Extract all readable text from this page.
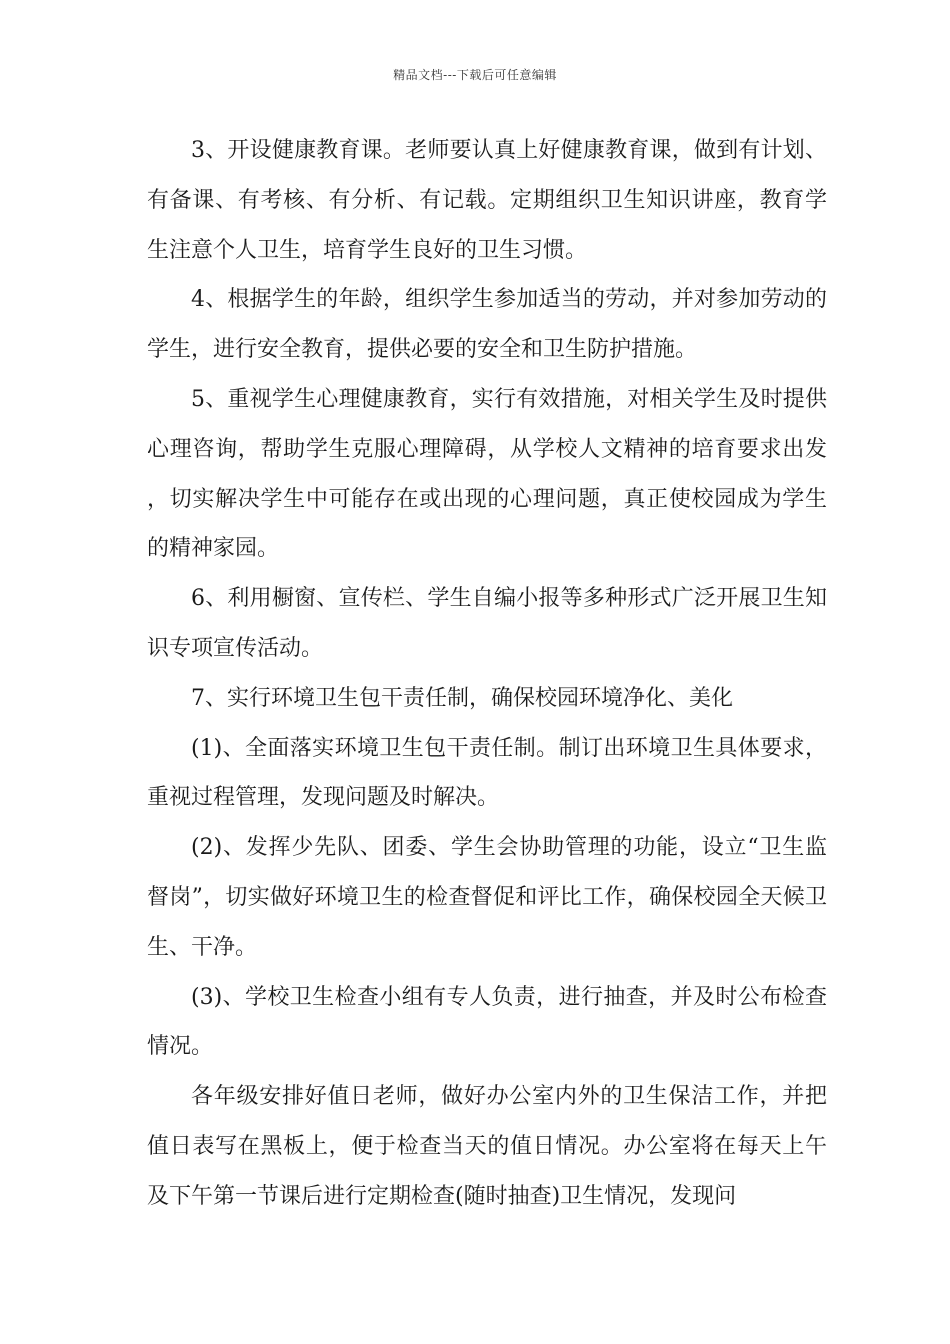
精品文档---下载后可任意编辑

3、开设健康教育课。老师要认真上好健康教育课，做到有计划、有备课、有考核、有分析、有记载。定期组织卫生知识讲座，教育学生注意个人卫生，培育学生良好的卫生习惯。

4、根据学生的年龄，组织学生参加适当的劳动，并对参加劳动的学生，进行安全教育，提供必要的安全和卫生防护措施。

5、重视学生心理健康教育，实行有效措施，对相关学生及时提供心理咨询，帮助学生克服心理障碍，从学校人文精神的培育要求出发，切实解决学生中可能存在或出现的心理问题，真正使校园成为学生的精神家园。

6、利用橱窗、宣传栏、学生自编小报等多种形式广泛开展卫生知识专项宣传活动。

7、实行环境卫生包干责任制，确保校园环境净化、美化

(1)、全面落实环境卫生包干责任制。制订出环境卫生具体要求，重视过程管理，发现问题及时解决。

(2)、发挥少先队、团委、学生会协助管理的功能，设立“卫生监督岗”，切实做好环境卫生的检查督促和评比工作，确保校园全天候卫生、干净。

(3)、学校卫生检查小组有专人负责，进行抽查，并及时公布检查情况。

各年级安排好值日老师，做好办公室内外的卫生保洁工作，并把值日表写在黑板上，便于检查当天的值日情况。办公室将在每天上午及下午第一节课后进行定期检查(随时抽查)卫生情况，发现问
